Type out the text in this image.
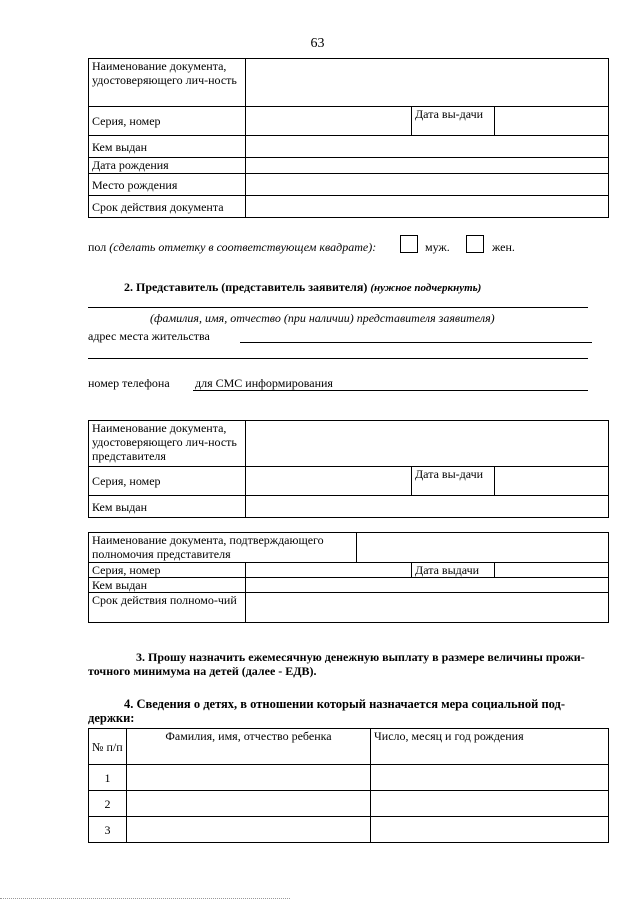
63
Наименование документа, удостоверяющего лич-ность			
Серия, номер		Дата вы-дачи	
Кем выдан			
Дата рождения			
Место рождения			
Срок действия документа			
пол (сделать отметку в соответствующем квадрате):	муж.	жен.
2. Представитель (представитель заявителя) (нужное подчеркнуть)
(фамилия, имя, отчество (при наличии) представителя заявителя)
адрес места жительства
номер телефона для СМС информирования
Наименование документа, удостоверяющего лич-ность представителя			
Серия, номер		Дата вы-дачи	
Кем выдан			
Наименование документа, подтверждающего полномочия представителя				
Серия, номер			Дата выдачи	
Кем выдан				
Срок действия полномо-чий				
3. Прошу назначить ежемесячную денежную выплату в размере величины прожи-
точного минимума на детей (далее - ЕДВ).
4. Сведения о детях, в отношении который назначается мера социальной под-
держки:
№ п/п	Фамилия, имя, отчество ребенка	Число, месяц и год рождения
1		
2		
3		
